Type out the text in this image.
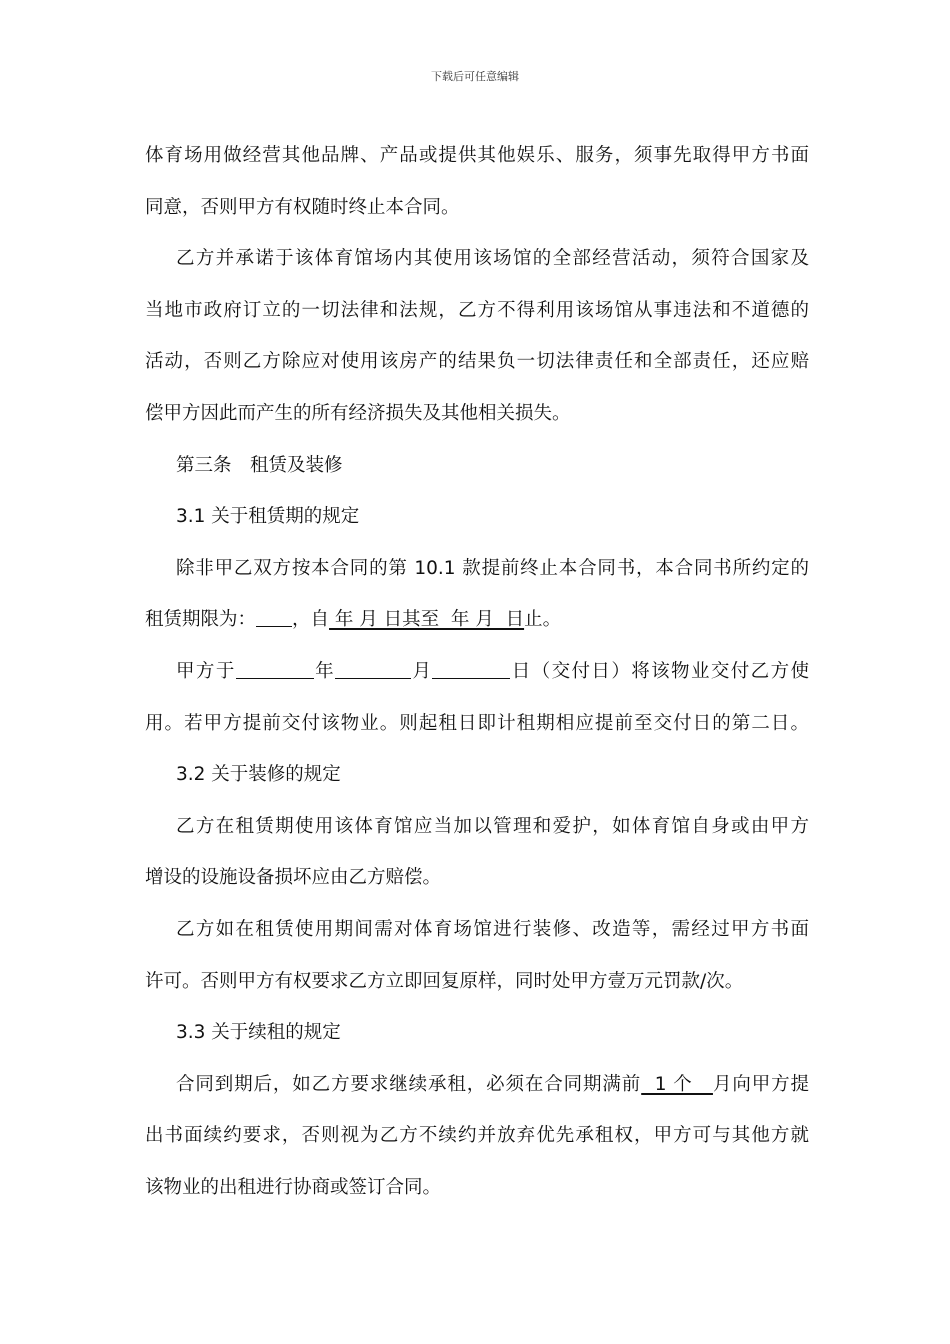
下载后可任意编辑
体育场用做经营其他品牌、产品或提供其他娱乐、服务，须事先取得甲方书面
同意，否则甲方有权随时终止本合同。
乙方并承诺于该体育馆场内其使用该场馆的全部经营活动，须符合国家及
当地市政府订立的一切法律和法规，乙方不得利用该场馆从事违法和不道德的
活动，否则乙方除应对使用该房产的结果负一切法律责任和全部责任，还应赔
偿甲方因此而产生的所有经济损失及其他相关损失。
第三条　租赁及装修
3.1 关于租赁期的规定
除非甲乙双方按本合同的第 10.1 款提前终止本合同书，本合同书所约定的
租赁期限为： ，自 年 月 日其至  年 月  日止。
甲方于	年	月	日（交付日）将该物业交付乙方使
用。若甲方提前交付该物业。则起租日即计租期相应提前至交付日的第二日。
3.2 关于装修的规定
乙方在租赁期使用该体育馆应当加以管理和爱护，如体育馆自身或由甲方
增设的设施设备损坏应由乙方赔偿。
乙方如在租赁使用期间需对体育场馆进行装修、改造等，需经过甲方书面
许可。否则甲方有权要求乙方立即回复原样，同时处甲方壹万元罚款/次。
3.3 关于续租的规定
合同到期后，如乙方要求继续承租，必须在合同期满前  1 个   月向甲方提
出书面续约要求，否则视为乙方不续约并放弃优先承租权，甲方可与其他方就
该物业的出租进行协商或签订合同。
